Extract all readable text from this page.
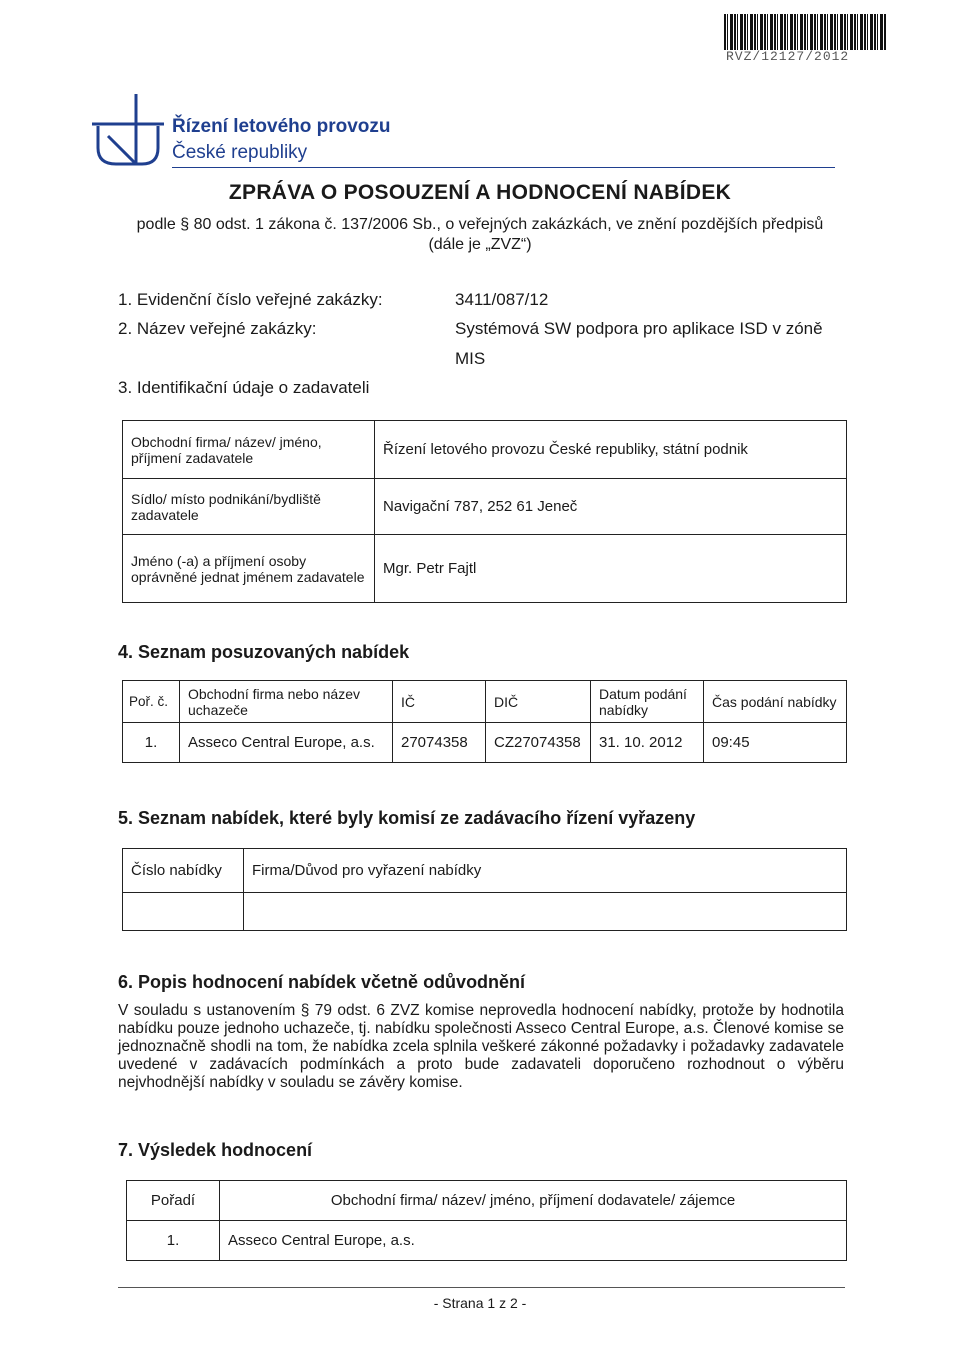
RVZ/12127/2012
Řízení letového provozu
České republiky
ZPRÁVA O POSOUZENÍ A HODNOCENÍ NABÍDEK
podle § 80 odst. 1 zákona č. 137/2006 Sb., o veřejných zakázkách, ve znění pozdějších předpisů
(dále je „ZVZ“)
1. Evidenční číslo veřejné zakázky:	3411/087/12
2. Název veřejné zakázky:	Systémová SW podpora pro aplikace ISD v zóně
MIS
3. Identifikační údaje o zadavateli
Obchodní firma/ název/ jméno, příjmení zadavatele	Řízení letového provozu České republiky, státní podnik
Sídlo/ místo podnikání/bydliště zadavatele	Navigační 787, 252 61 Jeneč
Jméno (-a) a příjmení osoby oprávněné jednat jménem zadavatele	Mgr. Petr Fajtl
4. Seznam posuzovaných nabídek
Poř. č.	Obchodní firma nebo název uchazeče	IČ	DIČ	Datum podání nabídky	Čas podání nabídky
1.	Asseco Central Europe, a.s.	27074358	CZ27074358	31. 10. 2012	09:45
5. Seznam nabídek, které byly komisí ze zadávacího řízení vyřazeny
Číslo nabídky	Firma/Důvod pro vyřazení nabídky

6. Popis hodnocení nabídek včetně odůvodnění
V souladu s ustanovením § 79 odst. 6 ZVZ komise neprovedla hodnocení nabídky, protože by hodnotila nabídku pouze jednoho uchazeče, tj. nabídku společnosti Asseco Central Europe, a.s. Členové komise se jednoznačně shodli na tom, že nabídka zcela splnila veškeré zákonné požadavky i požadavky zadavatele uvedené v zadávacích podmínkách a proto bude zadavateli doporučeno rozhodnout o výběru nejvhodnější nabídky v souladu se závěry komise.
7. Výsledek hodnocení
Pořadí	Obchodní firma/ název/ jméno, příjmení dodavatele/ zájemce
1.	Asseco Central Europe, a.s.
- Strana 1 z 2 -
